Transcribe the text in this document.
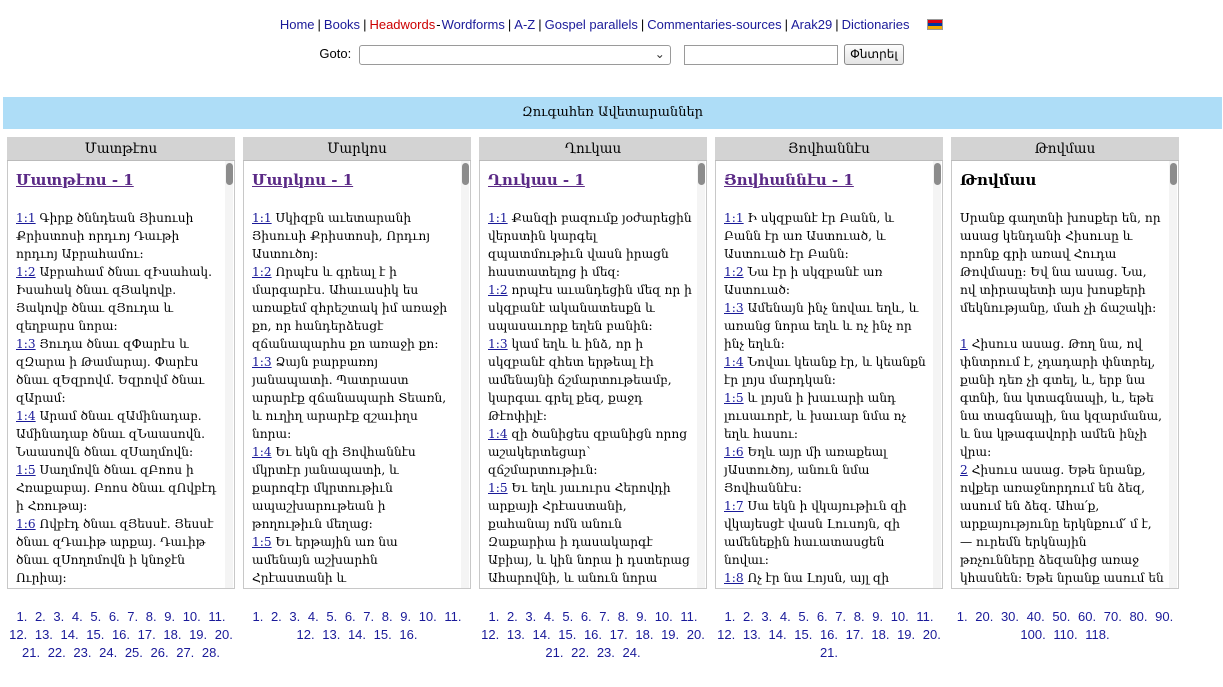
Home | Books | Headwords-Wordforms | A-Z | Gospel parallels | Commentaries-sources | Arak29 | Dictionaries
Goto:	⌄	Փնտրել
Զուգահեռ Ավետարաններ
Մատթէոս
Մատթէոս - 1

1:1 Գիրք ծննդեան Յիսուսի Քրիստոսի որդւոյ Դաւթի որդւոյ Աբրահամու:

1:2 Աբրահամ ծնաւ զԻսահակ. Իսահակ ծնաւ զՅակովբ. Յակովբ ծնաւ զՅուդա և զեղբարս նորա:

1:3 Յուդա ծնաւ զՓարէս և զԶարա ի Թամարայ. Փարէս ծնաւ զԵզրովմ. Եզրովմ ծնաւ զԱրամ:

1:4 Արամ ծնաւ զԱմինադաբ. Ամինադաբ ծնաւ զՆաասովն. Նաասովն ծնաւ զՍաղմովն:

1:5 Սաղմովն ծնաւ զԲոոս ի Հռաքաբայ. Բոոս ծնաւ զՈվբէդ ի Հռութայ:

1:6 Ովբէդ ծնաւ զՅեսսէ. Յեսսէ ծնաւ զԴաւիթ արքայ. Դաւիթ ծնաւ զՍողոմովն ի կնոջէն Ուրիայ:

Մարկոս
Մարկոս - 1

1:1 Սկիզբն աւետարանի Յիսուսի Քրիստոսի, Որդւոյ Աստուծոյ:

1:2 Որպէս և գրեալ է ի մարգարէս. Ահաւասիկ ես առաքեմ զհրեշտակ իմ առաջի քո, որ հանդերձեսցէ զճանապարհս քո առաջի քո:

1:3 Ձայն բարբառոյ յանապատի. Պատրաստ արարէք զճանապարհ Տեառն, և ուղիղ արարէք զշաւիղս նորա:

1:4 Եւ եկն զի Յովհաննէս մկրտէր յանապատի, և քարոզէր մկրտութիւն ապաշխարութեան ի թողութիւն մեղաց:

1:5 Եւ երթային առ նա ամենայն աշխարհն Հրէաստանի և

Ղուկաս
Ղուկաս - 1

1:1 Քանզի բազումք յօժարեցին վերստին կարգել զպատմութիւն վասն իրացն հաստատելոց ի մեզ:

1:2 որպէս աւանդեցին մեզ որ ի սկզբանէ ականատեսքն և սպասաւորք եղեն բանին:

1:3 կամ եղև և ինձ, որ ի սկզբանէ զհետ երթեալ էի ամենայնի ճշմարտութեամբ, կարգաւ գրել քեզ, քաջդ Թէոփիլէ:

1:4 զի ծանիցես զբանիցն որոց աշակերտեցար՝ զճշմարտութիւն:

1:5 Եւ եղև յաւուրս Հերովդի արքայի Հրէաստանի, քահանայ ոմն անուն Զաքարիա ի դասակարգէ Աբիայ, և կին նորա ի դստերաց Ահարովնի, և անուն նորա

Յովհաննէս
Յովհաննէս - 1

1:1 Ի սկզբանէ էր Բանն, և Բանն էր առ Աստուած, և Աստուած էր Բանն:

1:2 Նա էր ի սկզբանէ առ Աստուած:

1:3 Ամենայն ինչ նովաւ եղև, և առանց նորա եղև և ոչ ինչ որ ինչ եղևն:

1:4 Նովաւ կեանք էր, և կեանքն էր լոյս մարդկան:

1:5 և լոյսն ի խաւարի անդ լուսաւորէ, և խաւար նմա ոչ եղև հասու:

1:6 Եղև այր մի առաքեալ յԱստուծոյ, անուն նմա Յովհաննէս:

1:7 Սա եկն ի վկայութիւն զի վկայեսցէ վասն Լուսոյն, զի ամենեքին հաւատասցեն նովաւ:

1:8 Ոչ էր նա Լոյսն, այլ զի

Թովմաս
Թովմաս

Սրանք գաղտնի խոսքեր են, որ ասաց կենդանի Հիսուսը և որոնք գրի առավ Հուդա Թովմասը: Եվ նա ասաց. Նա, ով տիրապետի այս խոսքերի մեկնությանը, մահ չի ճաշակի:

1 Հիսուս ասաց. Թող նա, ով փնտրում է, չդադարի փնտրել, քանի դեռ չի գտել, և, երբ նա գտնի, նա կտագնապի, և, եթե նա տագնապի, նա կզարմանա, և նա կթագավորի ամեն ինչի վրա:

2 Հիսուս ասաց. Եթե նրանք, ովքեր առաջնորդում են ձեզ, ասում են ձեզ. Ահա՛ք, արքայությունը երկնքում՛ մ է, — ուրեմն երկնային թռչունները ձեզանից առաջ կհասնեն: Եթե նրանք ասում են

1. 2. 3. 4. 5. 6. 7. 8. 9. 10. 11. 12. 13. 14. 15. 16. 17. 18. 19. 20. 21. 22. 23. 24. 25. 26. 27. 28.
1. 2. 3. 4. 5. 6. 7. 8. 9. 10. 11. 12. 13. 14. 15. 16.
1. 2. 3. 4. 5. 6. 7. 8. 9. 10. 11. 12. 13. 14. 15. 16. 17. 18. 19. 20. 21. 22. 23. 24.
1. 2. 3. 4. 5. 6. 7. 8. 9. 10. 11. 12. 13. 14. 15. 16. 17. 18. 19. 20. 21.
1. 20. 30. 40. 50. 60. 70. 80. 90. 100. 110. 118.
